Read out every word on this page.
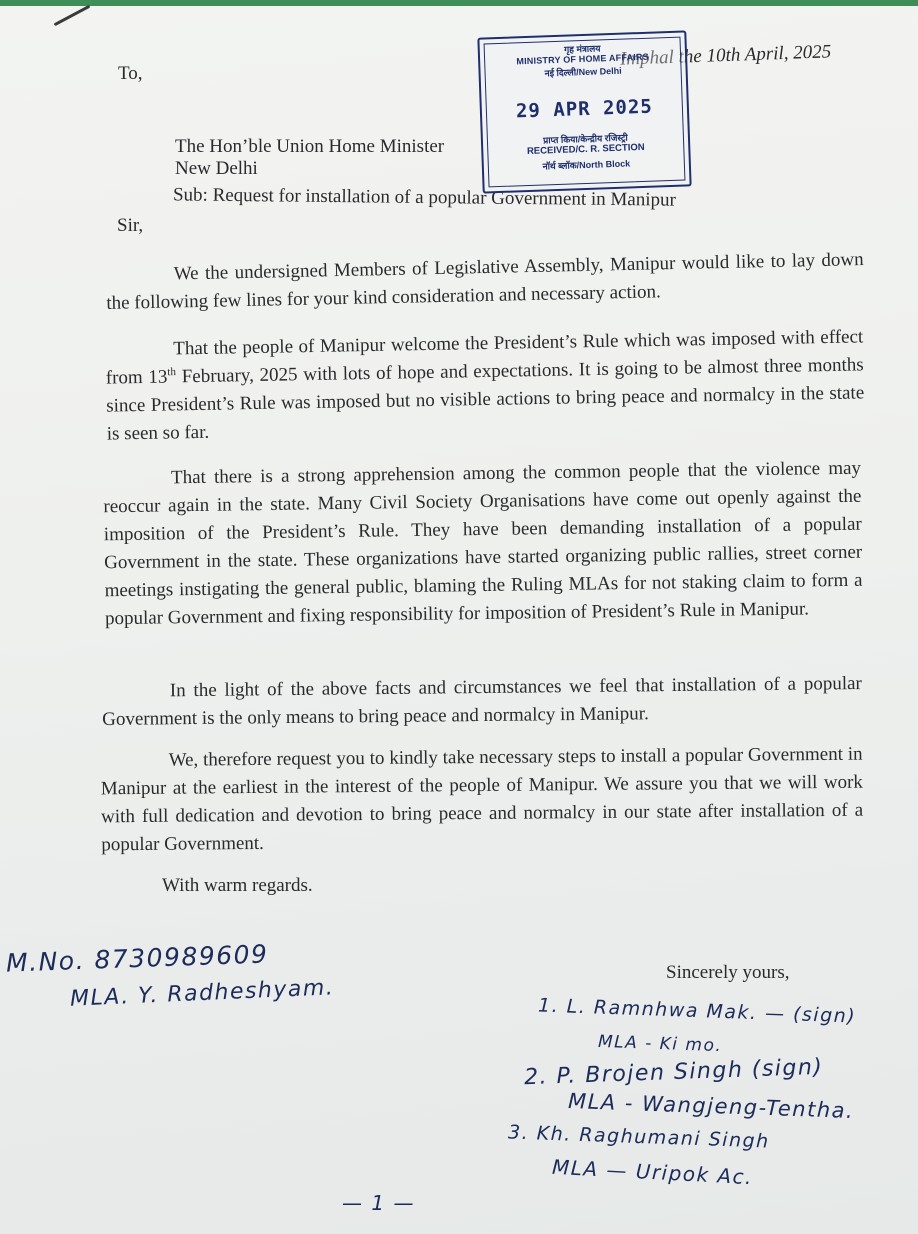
To,
Imphal the 10th April, 2025
The Hon’ble Union Home Minister
New Delhi
Sub: Request for installation of a popular Government in Manipur
Sir,
We the undersigned Members of Legislative Assembly, Manipur would like to lay down the following few lines for your kind consideration and necessary action.
That the people of Manipur welcome the President’s Rule which was imposed with effect from 13th February, 2025 with lots of hope and expectations. It is going to be almost three months since President’s Rule was imposed but no visible actions to bring peace and normalcy in the state is seen so far.
That there is a strong apprehension among the common people that the violence may reoccur again in the state. Many Civil Society Organisations have come out openly against the imposition of the President’s Rule. They have been demanding installation of a popular Government in the state. These organizations have started organizing public rallies, street corner meetings instigating the general public, blaming the Ruling MLAs for not staking claim to form a popular Government and fixing responsibility for imposition of President’s Rule in Manipur.
In the light of the above facts and circumstances we feel that installation of a popular Government is the only means to bring peace and normalcy in Manipur.
We, therefore request you to kindly take necessary steps to install a popular Government in Manipur at the earliest in the interest of the people of Manipur. We assure you that we will work with full dedication and devotion to bring peace and normalcy in our state after installation of a popular Government.
With warm regards.
Sincerely yours,
गृह मंत्रालय
MINISTRY OF HOME AFFAIRS
नई दिल्ली/New Delhi
29 APR 2025
प्राप्त किया/केन्द्रीय रजिस्ट्री
RECEIVED/C. R. SECTION
नॉर्थ ब्लॉक/North Block
M.No. 8730989609
MLA. Y. Radheshyam.	1. L. Ramnhwa Mak. — (sign)
MLA - Ki mo.
2. P. Brojen Singh (sign)
MLA - Wangjeng-Tentha.
3. Kh. Raghumani Singh
MLA — Uripok Ac.
— 1 —
